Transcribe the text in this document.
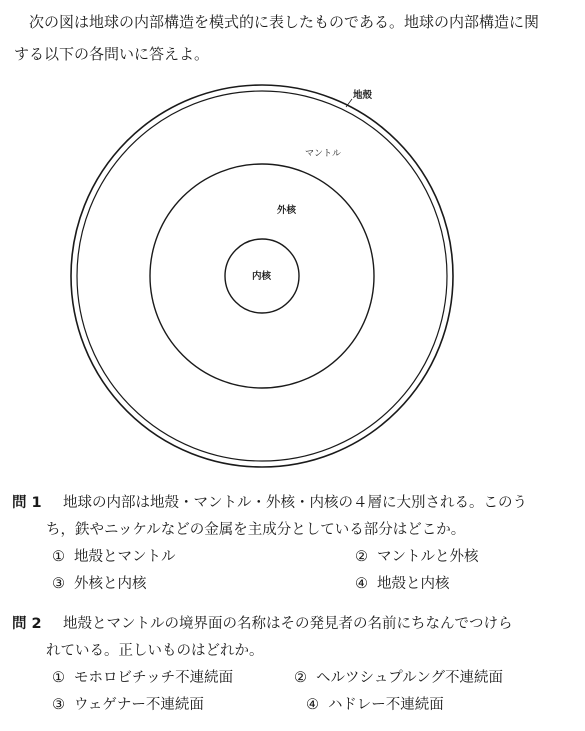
次の図は地球の内部構造を模式的に表したものである。地球の内部構造に関
する以下の各問いに答えよ。
地殻
マントル
外核
内核
問 1 地球の内部は地殻・マントル・外核・内核の４層に大別される。このう
ち，鉄やニッケルなどの金属を主成分としている部分はどこか。
① 地殻とマントル	② マントルと外核
③ 外核と内核	④ 地殻と内核
問 2 地殻とマントルの境界面の名称はその発見者の名前にちなんでつけら
れている。正しいものはどれか。
① モホロビチッチ不連続面	② ヘルツシュプルング不連続面
③ ウェゲナー不連続面	④ ハドレー不連続面
